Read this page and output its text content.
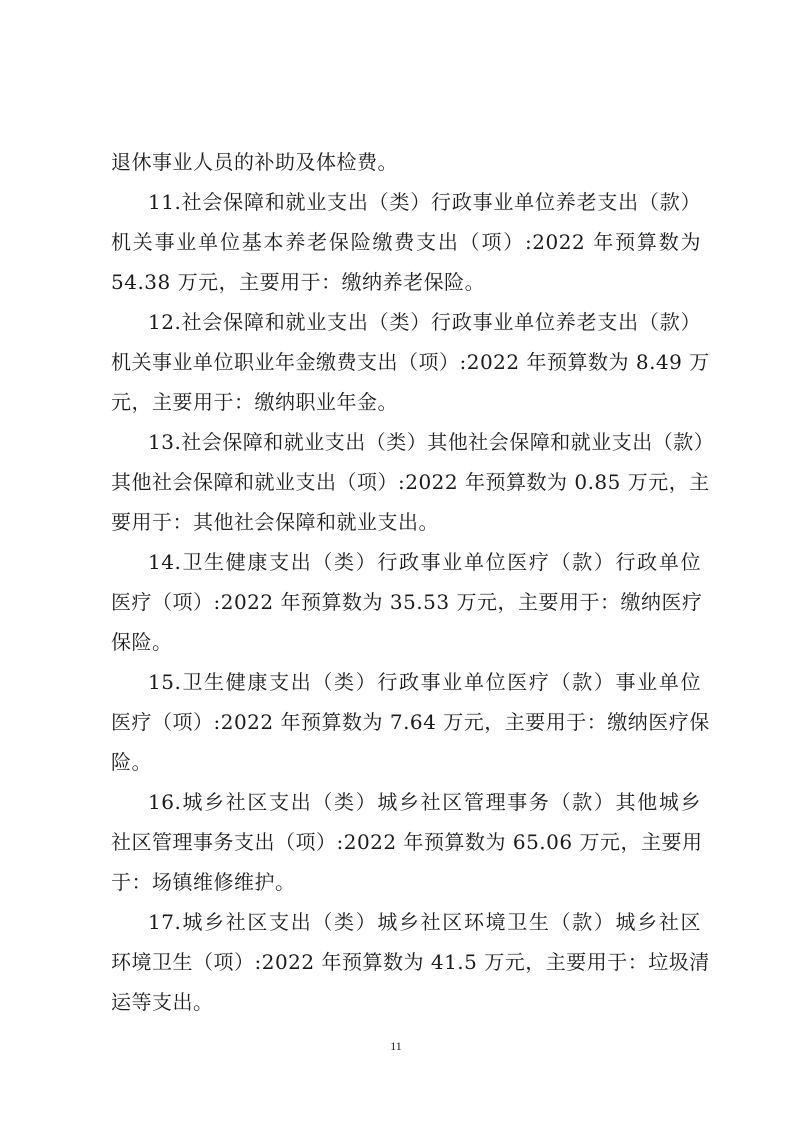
退休事业人员的补助及体检费。
11.社会保障和就业支出（类）行政事业单位养老支出（款）
机关事业单位基本养老保险缴费支出（项）:2022 年预算数为
54.38 万元，主要用于：缴纳养老保险。
12.社会保障和就业支出（类）行政事业单位养老支出（款）
机关事业单位职业年金缴费支出（项）:2022 年预算数为 8.49 万
元，主要用于：缴纳职业年金。
13.社会保障和就业支出（类）其他社会保障和就业支出（款）
其他社会保障和就业支出（项）:2022 年预算数为 0.85 万元，主
要用于：其他社会保障和就业支出。
14.卫生健康支出（类）行政事业单位医疗（款）行政单位
医疗（项）:2022 年预算数为 35.53 万元，主要用于：缴纳医疗
保险。
15.卫生健康支出（类）行政事业单位医疗（款）事业单位
医疗（项）:2022 年预算数为 7.64 万元，主要用于：缴纳医疗保
险。
16.城乡社区支出（类）城乡社区管理事务（款）其他城乡
社区管理事务支出（项）:2022 年预算数为 65.06 万元，主要用
于：场镇维修维护。
17.城乡社区支出（类）城乡社区环境卫生（款）城乡社区
环境卫生（项）:2022 年预算数为 41.5 万元，主要用于：垃圾清
运等支出。
11
